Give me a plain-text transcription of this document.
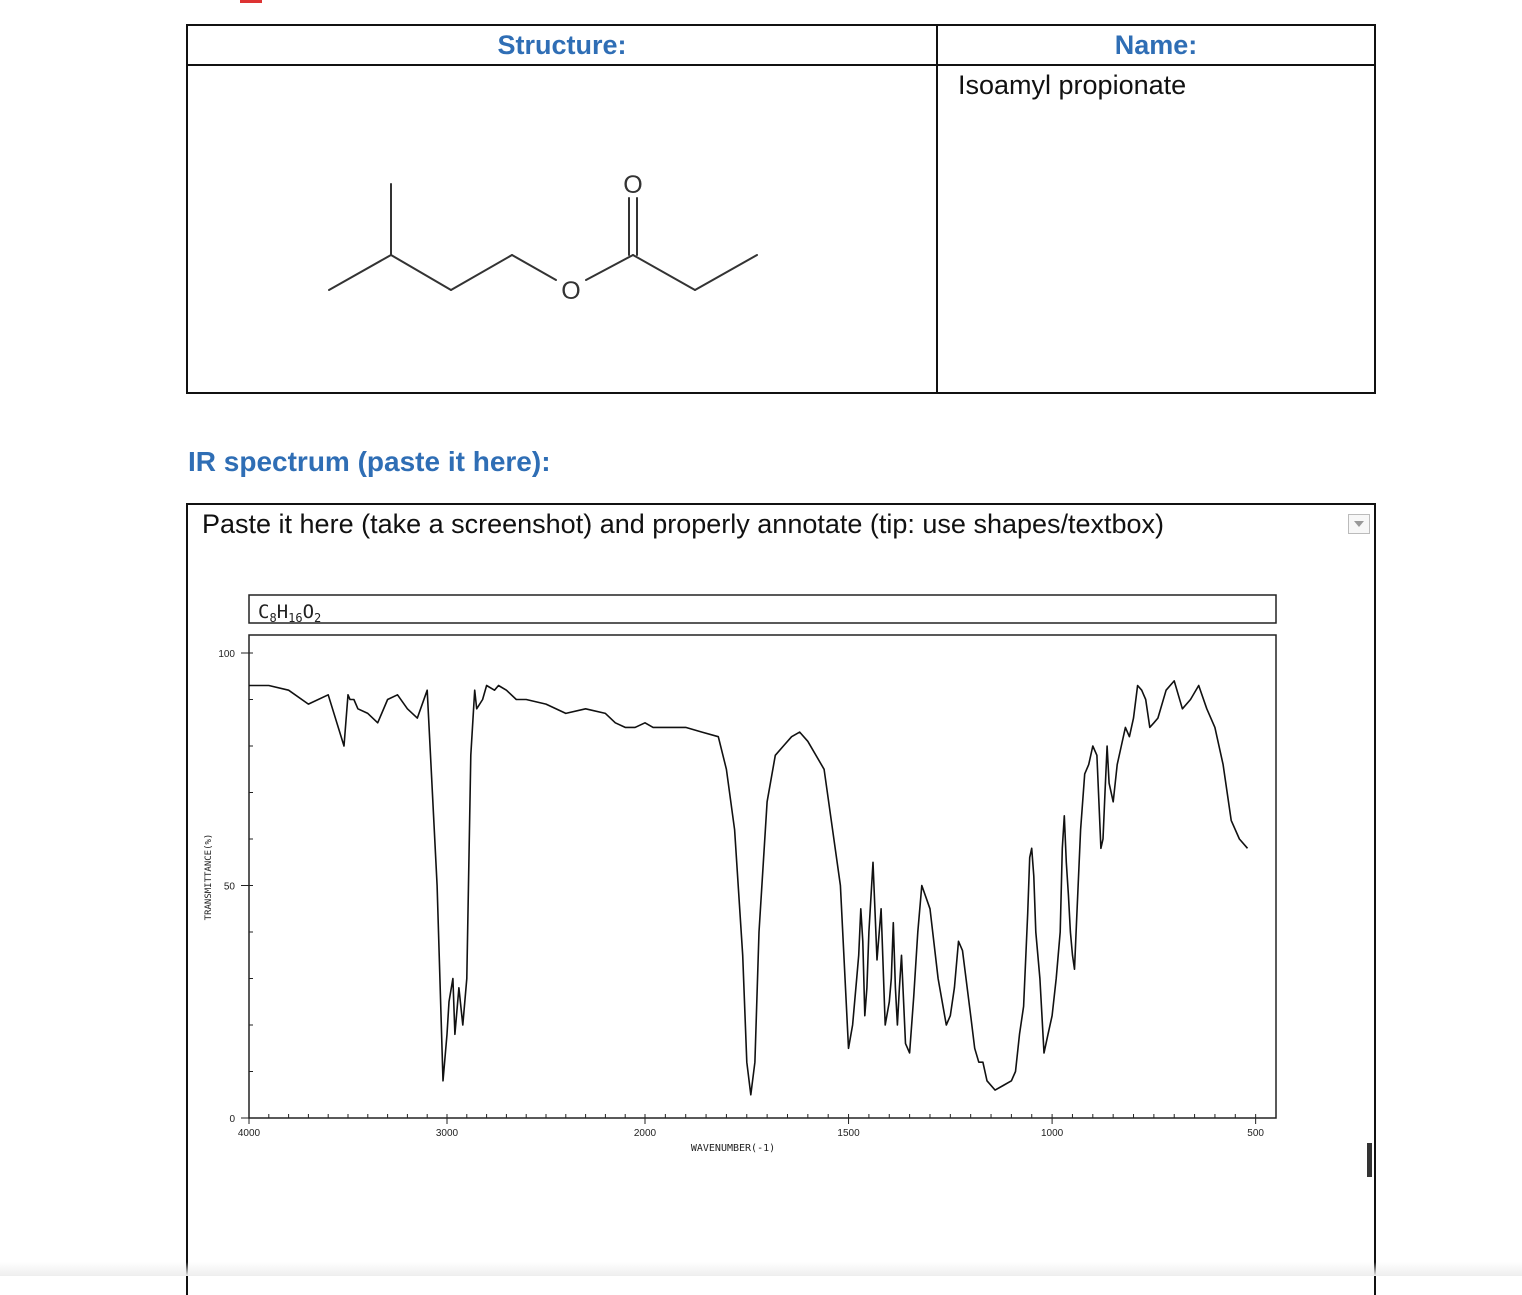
Structure:	Name:

O
O	Isoamyl propionate
IR spectrum (paste it here):
Paste it here (take a screenshot) and properly annotate (tip: use shapes/textbox)
$C_8H_{16}O_2$
4000	3000	2000	1500	1000	500
100
50
0
WAVENUMBER(-1)
TRANSMITTANCE(%)
